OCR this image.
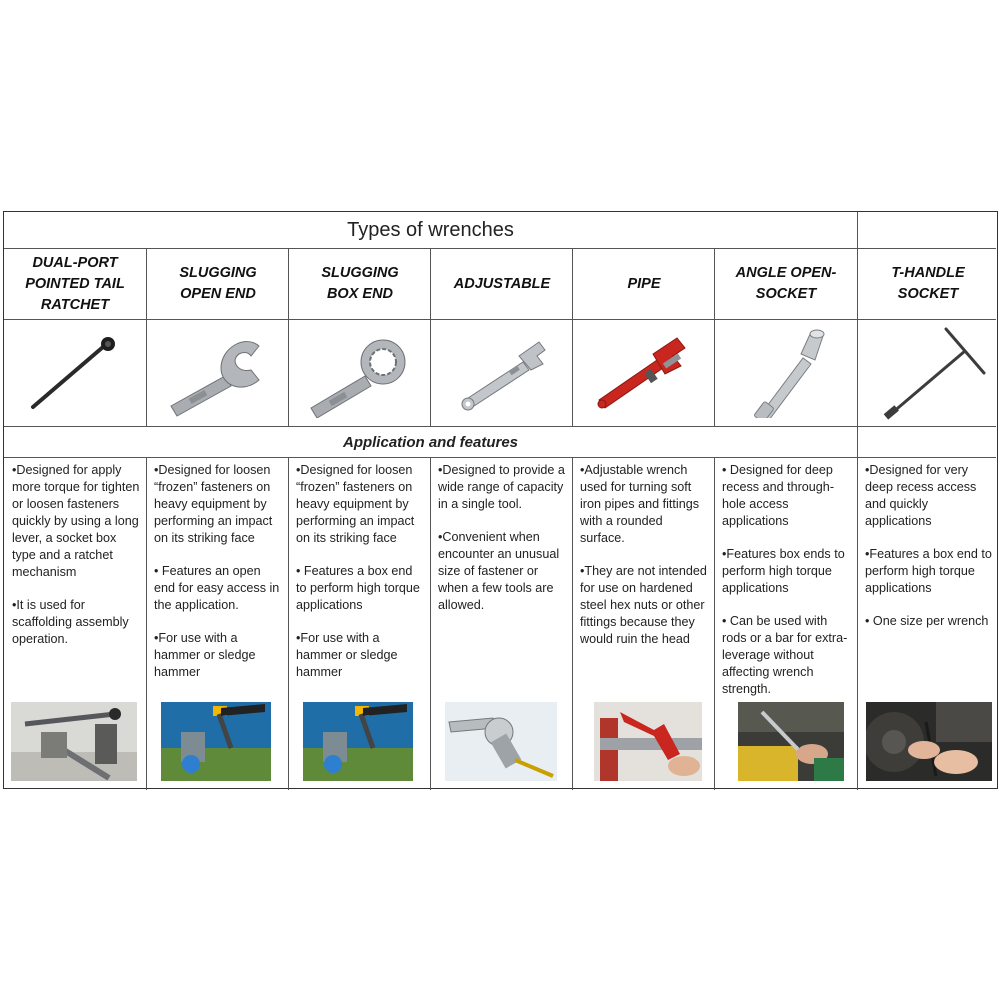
Types of wrenches
Application and features
DUAL-PORT
POINTED TAIL
RATCHET
SLUGGING
OPEN END
SLUGGING
BOX END
ADJUSTABLE	PIPE
ANGLE OPEN-
SOCKET
T-HANDLE
SOCKET

•Designed for apply more torque for tighten or loosen fasteners quickly by using a long lever, a socket box type and a ratchet mechanism

•It is used for scaffolding assembly operation.

•Designed for loosen “frozen” fasteners on heavy equipment by performing an impact on its striking face

• Features an open end for easy access in the application.

•For use with a hammer or sledge hammer

•Designed for loosen “frozen” fasteners on heavy equipment by performing an impact on its striking face

• Features a box end to perform high torque applications

•For use with a hammer or sledge hammer

•Designed to provide a wide range of capacity in a single tool.

•Convenient when encounter an unusual size of fastener or when a few tools are allowed.

•Adjustable wrench used for turning soft iron pipes and fittings with a rounded surface.

•They are not intended for use on hardened steel hex nuts or other fittings because they would ruin the head

• Designed for deep recess and through-hole access applications

•Features box ends to perform high torque applications

• Can be used with rods or a bar for extra-leverage without affecting wrench strength.

•Designed for very deep recess access and quickly applications

•Features a box end to perform high torque applications

• One size per wrench
